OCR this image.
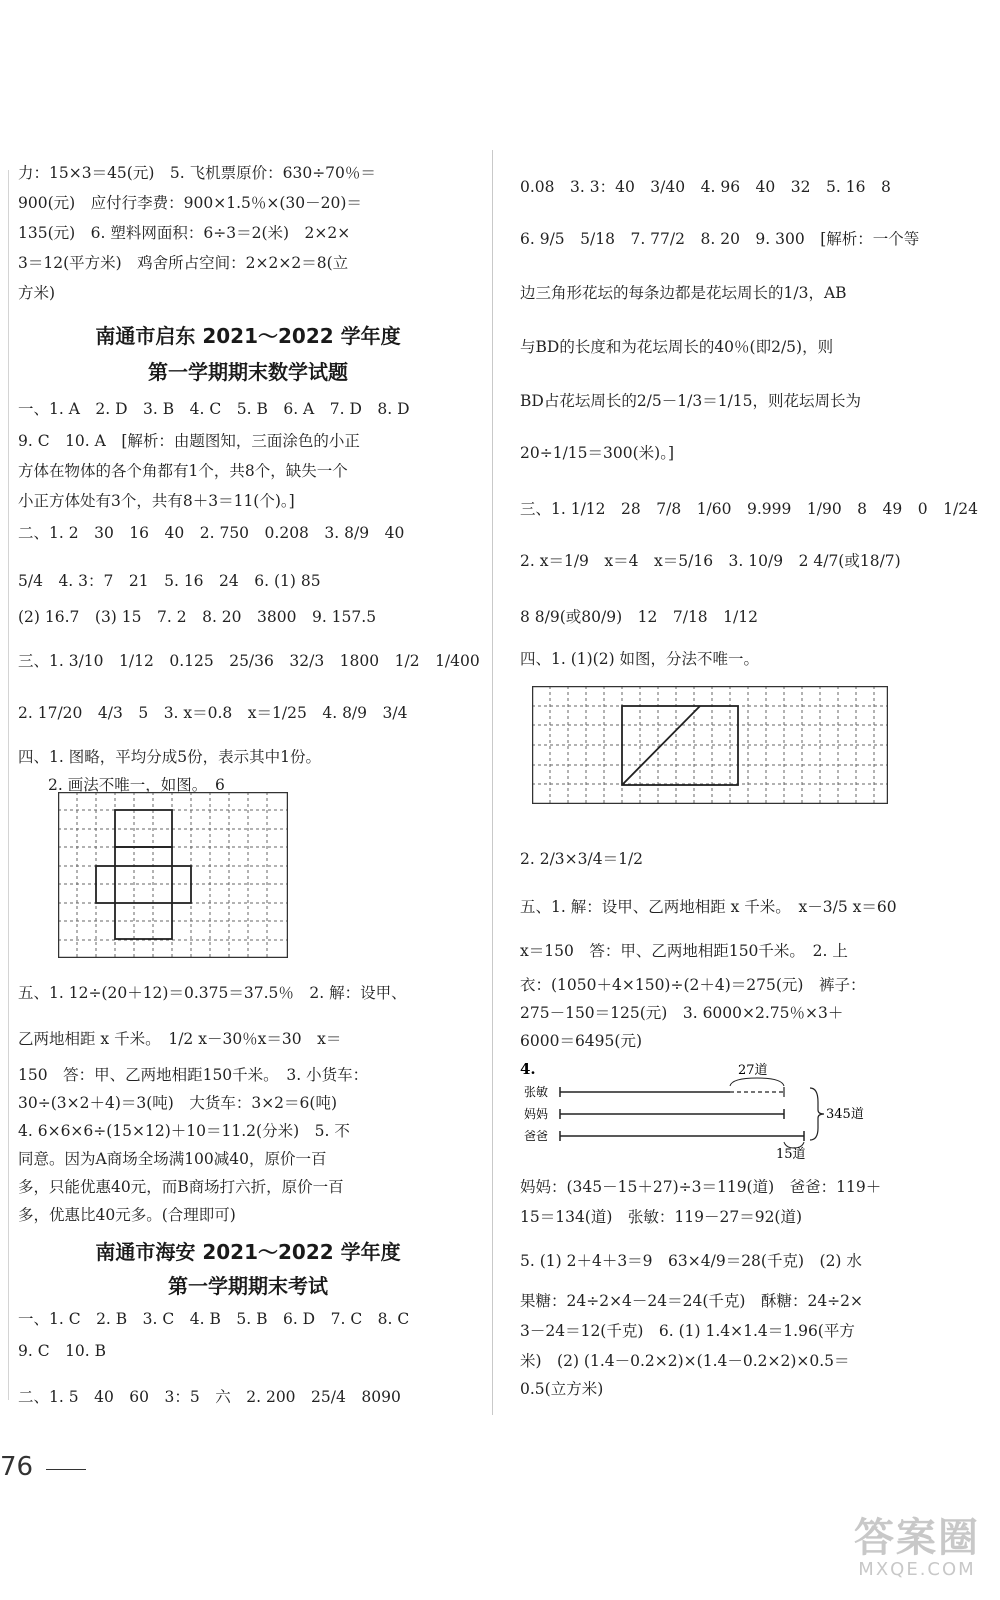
力：15×3＝45(元)　5. 飞机票原价：630÷70％＝
900(元)　应付行李费：900×1.5％×(30－20)＝
135(元)　6. 塑料网面积：6÷3＝2(米)　2×2×
3＝12(平方米)　鸡舍所占空间：2×2×2＝8(立
方米)
南通市启东 2021～2022 学年度
第一学期期末数学试题
一、1. A　2. D　3. B　4. C　5. B　6. A　7. D　8. D
9. C　10. A　[解析：由题图知，三面涂色的小正
方体在物体的各个角都有1个，共8个，缺失一个
小正方体处有3个，共有8＋3＝11(个)。]
二、1. 2　30　16　40　2. 750　0.208　3. 8/9　40
5/4　4. 3：7　21　5. 16　24　6. (1) 85
(2) 16.7　(3) 15　7. 2　8. 20　3800　9. 157.5
三、1. 3/10　1/12　0.125　25/36　32/3　1800　1/2　1/400
2. 17/20　4/3　5　3. x＝0.8　x＝1/25　4. 8/9　3/4
四、1. 图略，平均分成5份，表示其中1份。
2. 画法不唯一，如图。　6
五、1. 12÷(20＋12)＝0.375＝37.5％　2. 解：设甲、
乙两地相距 x 千米。　1/2 x－30％x＝30　x＝
150　答：甲、乙两地相距150千米。　3. 小货车：
30÷(3×2＋4)＝3(吨)　大货车：3×2＝6(吨)
4. 6×6×6÷(15×12)＋10＝11.2(分米)　5. 不
同意。因为A商场全场满100减40，原价一百
多，只能优惠40元，而B商场打六折，原价一百
多，优惠比40元多。(合理即可)
南通市海安 2021～2022 学年度
第一学期期末考试
一、1. C　2. B　3. C　4. B　5. B　6. D　7. C　8. C
9. C　10. B
二、1. 5　40　60　3：5　六　2. 200　25/4　8090
0.08　3. 3：40　3/40　4. 96　40　32　5. 16　8
6. 9/5　5/18　7. 77/2　8. 20　9. 300　[解析：一个等
边三角形花坛的每条边都是花坛周长的1/3，AB
与BD的长度和为花坛周长的40％(即2/5)，则
BD占花坛周长的2/5－1/3＝1/15，则花坛周长为
20÷1/15＝300(米)。]
三、1. 1/12　28　7/8　1/60　9.999　1/90　8　49　0　1/24
2. x＝1/9　x＝4　x＝5/16　3. 10/9　2 4/7(或18/7)
8 8/9(或80/9)　12　7/18　1/12
四、1. (1)(2) 如图，分法不唯一。
2. 2/3×3/4＝1/2
五、1. 解：设甲、乙两地相距 x 千米。　x－3/5 x＝60
x＝150　答：甲、乙两地相距150千米。　2. 上
衣：(1050＋4×150)÷(2＋4)＝275(元)　裤子：
275－150＝125(元)　3. 6000×2.75％×3＋
6000＝6495(元)
4.
张敏
妈妈
爸爸
27道
15道
345道
妈妈：(345－15＋27)÷3＝119(道)　爸爸：119＋
15＝134(道)　张敏：119－27＝92(道)
5. (1) 2＋4＋3＝9　63×4/9＝28(千克)　(2) 水
果糖：24÷2×4－24＝24(千克)　酥糖：24÷2×
3－24＝12(千克)　6. (1) 1.4×1.4＝1.96(平方
米)　(2) (1.4－0.2×2)×(1.4－0.2×2)×0.5＝
0.5(立方米)
76
答案圈
MXQE.COM
